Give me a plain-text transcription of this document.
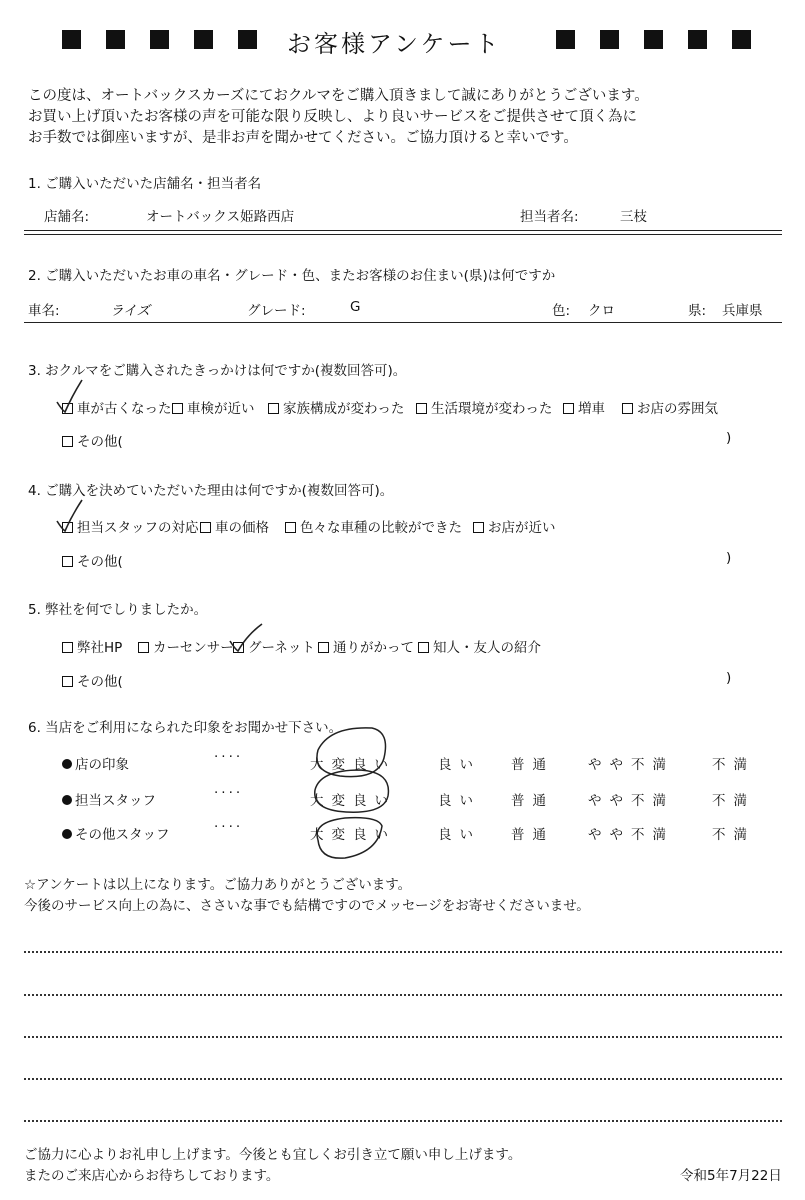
お客様アンケート
この度は、オートバックスカーズにておクルマをご購入頂きまして誠にありがとうございます。
お買い上げ頂いたお客様の声を可能な限り反映し、より良いサービスをご提供させて頂く為に
お手数では御座いますが、是非お声を聞かせてください。ご協力頂けると幸いです。
1. ご購入いただいた店舗名・担当者名
店舗名:	オートバックス姫路西店	担当者名:	三枝
2. ご購入いただいたお車の車名・グレード・色、またお客様のお住まい(県)は何ですか
車名:	ライズ	グレード:	G	色: クロ	県: 兵庫県
3. おクルマをご購入されたきっかけは何ですか(複数回答可)。
車が古くなった	車検が近い	家族構成が変わった	生活環境が変わった	増車	お店の雰囲気
その他(	)
4. ご購入を決めていただいた理由は何ですか(複数回答可)。
担当スタッフの対応	車の価格	色々な車種の比較ができた	お店が近い
その他(	)
5. 弊社を何でしりましたか。
弊社HP	カーセンサー	グーネット	通りがかって	知人・友人の紹介
その他(	)
6. 当店をご利用になられた印象をお聞かせ下さい。
店の印象	····	大変良い	良い 普通	やや不満	不満
担当スタッフ	····	大変良い	良い 普通	やや不満	不満
その他スタッフ	····	大変良い	良い 普通	やや不満	不満
☆アンケートは以上になります。ご協力ありがとうございます。
今後のサービス向上の為に、ささいな事でも結構ですのでメッセージをお寄せくださいませ。
ご協力に心よりお礼申し上げます。今後とも宜しくお引き立て願い申し上げます。
またのご来店心からお待ちしております。	令和5年7月22日
